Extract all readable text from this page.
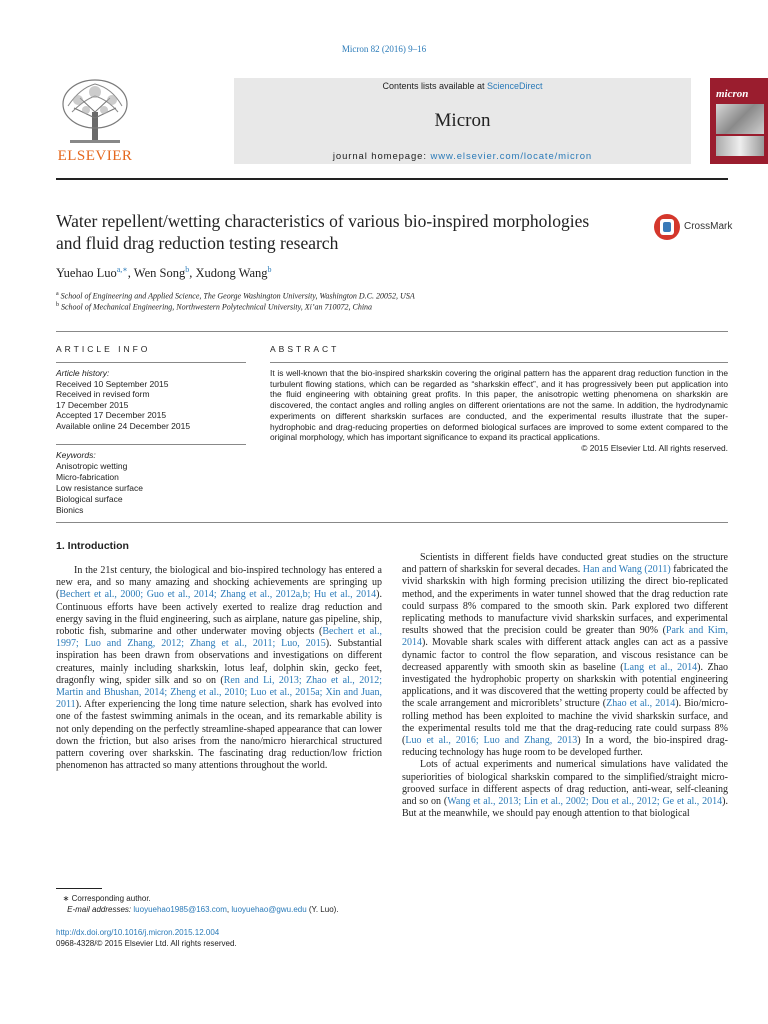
Micron 82 (2016) 9–16
ELSEVIER
Contents lists available at ScienceDirect
Micron
journal homepage: www.elsevier.com/locate/micron
micron
Water repellent/wetting characteristics of various bio-inspired morphologies and fluid drag reduction testing research
CrossMark
Yuehao Luo$^{a,∗}$, Wen Song$^b$, Xudong Wang$^b$
$^a$ School of Engineering and Applied Science, The George Washington University, Washington D.C. 20052, USA
$^b$ School of Mechanical Engineering, Northwestern Polytechnical University, Xi’an 710072, China
ARTICLE INFO	ABSTRACT
Article history:
Received 10 September 2015
Received in revised form
17 December 2015
Accepted 17 December 2015
Available online 24 December 2015
Keywords:
Anisotropic wetting
Micro-fabrication
Low resistance surface
Biological surface
Bionics
It is well-known that the bio-inspired sharkskin covering the original pattern has the apparent drag reduction function in the turbulent flowing stations, which can be regarded as “sharkskin effect”, and it has progressively been put application into the fluid engineering with obtaining great profits. In this paper, the anisotropic wetting phenomena on sharkskin are discovered, the contact angles and rolling angles on different orientations are not the same. In addition, the hydrodynamic experiments on different sharkskin surfaces are conducted, and the experimental results illustrate that the super-hydrophobic and drag-reducing properties on deformed biological surfaces are improved to some extent compared to the original morphology, which has important significance to expand its practical applications.
© 2015 Elsevier Ltd. All rights reserved.
1. Introduction

In the 21st century, the biological and bio-inspired technology has entered a new era, and so many amazing and shocking achievements are springing up (Bechert et al., 2000; Guo et al., 2014; Zhang et al., 2012a,b; Hu et al., 2014). Continuous efforts have been actively exerted to realize drag reduction and energy saving in the fluid engineering, such as airplane, nature gas pipeline, ship, robotic fish, submarine and other underwater moving objects (Bechert et al., 1997; Luo and Zhang, 2012; Zhang et al., 2011; Luo, 2015). Substantial inspiration has been drawn from observations and investigations on different creatures, mainly including sharkskin, lotus leaf, dolphin skin, gecko feet, dragonfly wing, spider silk and so on (Ren and Li, 2013; Zhao et al., 2012; Martin and Bhushan, 2014; Zheng et al., 2010; Luo et al., 2015a; Xin and Juan, 2011). After experiencing the long time nature selection, shark has evolved into one of the fastest swimming animals in the ocean, and its remarkable ability is not only depending on the perfectly streamline-shaped appearance that can lower down the friction, but also arises from the nano/micro hierarchical structured pattern covering over sharkskin. The fascinating drag reduction/low friction phenomenon has attracted so many attentions throughout the world.

Scientists in different fields have conducted great studies on the structure and pattern of sharkskin for several decades. Han and Wang (2011) fabricated the vivid sharkskin with high forming precision utilizing the direct bio-replicated method, and the experiments in water tunnel showed that the drag reduction rate could surpass 8% compared to the smooth skin. Park explored two different replicating methods to manufacture vivid sharkskin surfaces, and experimental results showed that the precision could be greater than 90% (Park and Kim, 2014). Movable shark scales with different attack angles can act as a passive dynamic factor to control the flow separation, and viscous resistance can be decreased apparently with smooth skin as baseline (Lang et al., 2014). Zhao investigated the hydrophobic property on sharkskin with potential engineering applications, and it was discovered that the wetting property could be affected by the scale arrangement and microriblets’ structure (Zhao et al., 2014). Bio/micro-rolling method has been exploited to machine the vivid sharkskin surface, and the experimental results told me that the drag-reducing rate could surpass 8% (Luo et al., 2016; Luo and Zhang, 2013) In a word, the bio-inspired drag-reducing technology has huge room to be developed further.

Lots of actual experiments and numerical simulations have validated the superiorities of biological sharkskin compared to the simplified/straight micro-grooved surface in different aspects of drag reduction, anti-wear, self-cleaning and so on (Wang et al., 2013; Lin et al., 2002; Dou et al., 2012; Ge et al., 2014). But at the meanwhile, we should pay enough attention to that biological

∗ Corresponding author.
E-mail addresses: luoyuehao1985@163.com, luoyuehao@gwu.edu (Y. Luo).
http://dx.doi.org/10.1016/j.micron.2015.12.004
0968-4328/© 2015 Elsevier Ltd. All rights reserved.
